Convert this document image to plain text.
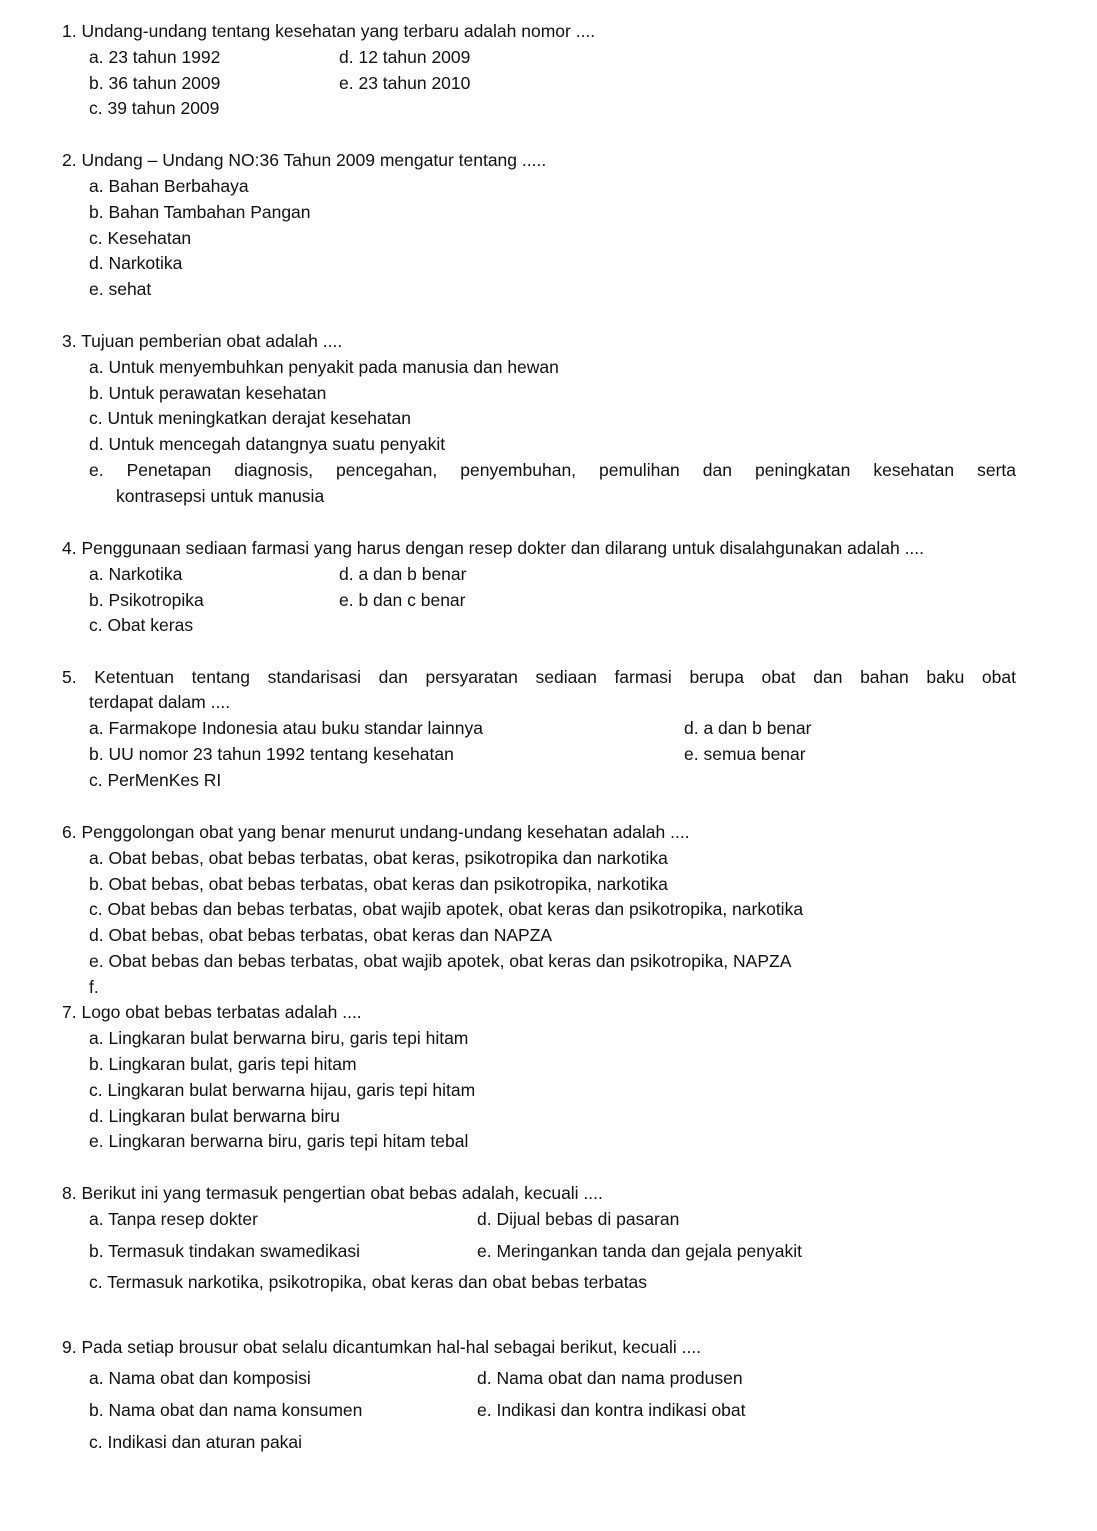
1. Undang-undang tentang kesehatan yang terbaru adalah nomor ....
a. 23 tahun 1992	d. 12 tahun 2009
b. 36 tahun 2009	e. 23 tahun 2010
c. 39 tahun 2009
2. Undang – Undang NO:36 Tahun 2009 mengatur tentang .....
a. Bahan Berbahaya
b. Bahan Tambahan Pangan
c. Kesehatan
d. Narkotika
e. sehat
3. Tujuan pemberian obat adalah ....
a. Untuk menyembuhkan penyakit pada manusia dan hewan
b. Untuk perawatan kesehatan
c. Untuk meningkatkan derajat kesehatan
d. Untuk mencegah datangnya suatu penyakit
e. Penetapan diagnosis, pencegahan, penyembuhan, pemulihan dan peningkatan kesehatan serta
kontrasepsi untuk manusia
4. Penggunaan sediaan farmasi yang harus dengan resep dokter dan dilarang untuk disalahgunakan adalah ....
a. Narkotika	d. a dan b benar
b. Psikotropika	e. b dan c benar
c. Obat keras
5. Ketentuan tentang standarisasi dan persyaratan sediaan farmasi berupa obat dan bahan baku obat
terdapat dalam ....
a. Farmakope Indonesia atau buku standar lainnya	d. a dan b benar
b. UU nomor 23 tahun 1992 tentang kesehatan	e. semua benar
c. PerMenKes RI
6. Penggolongan obat yang benar menurut undang-undang kesehatan adalah ....
a. Obat bebas, obat bebas terbatas, obat keras, psikotropika dan narkotika
b. Obat bebas, obat bebas terbatas, obat keras dan psikotropika, narkotika
c. Obat bebas dan bebas terbatas, obat wajib apotek, obat keras dan psikotropika, narkotika
d. Obat bebas, obat bebas terbatas, obat keras dan NAPZA
e. Obat bebas dan bebas terbatas, obat wajib apotek, obat keras dan psikotropika, NAPZA
f.
7. Logo obat bebas terbatas adalah ....
a. Lingkaran bulat berwarna biru, garis tepi hitam
b. Lingkaran bulat, garis tepi hitam
c. Lingkaran bulat berwarna hijau, garis tepi hitam
d. Lingkaran bulat berwarna biru
e. Lingkaran berwarna biru, garis tepi hitam tebal
8. Berikut ini yang termasuk pengertian obat bebas adalah, kecuali ....
a. Tanpa resep dokter	d. Dijual bebas di pasaran
b. Termasuk tindakan swamedikasi	e. Meringankan tanda dan gejala penyakit
c. Termasuk narkotika, psikotropika, obat keras dan obat bebas terbatas
9. Pada setiap brousur obat selalu dicantumkan hal-hal sebagai berikut, kecuali ....
a. Nama obat dan komposisi	d. Nama obat dan nama produsen
b. Nama obat dan nama konsumen	e. Indikasi dan kontra indikasi obat
c. Indikasi dan aturan pakai
